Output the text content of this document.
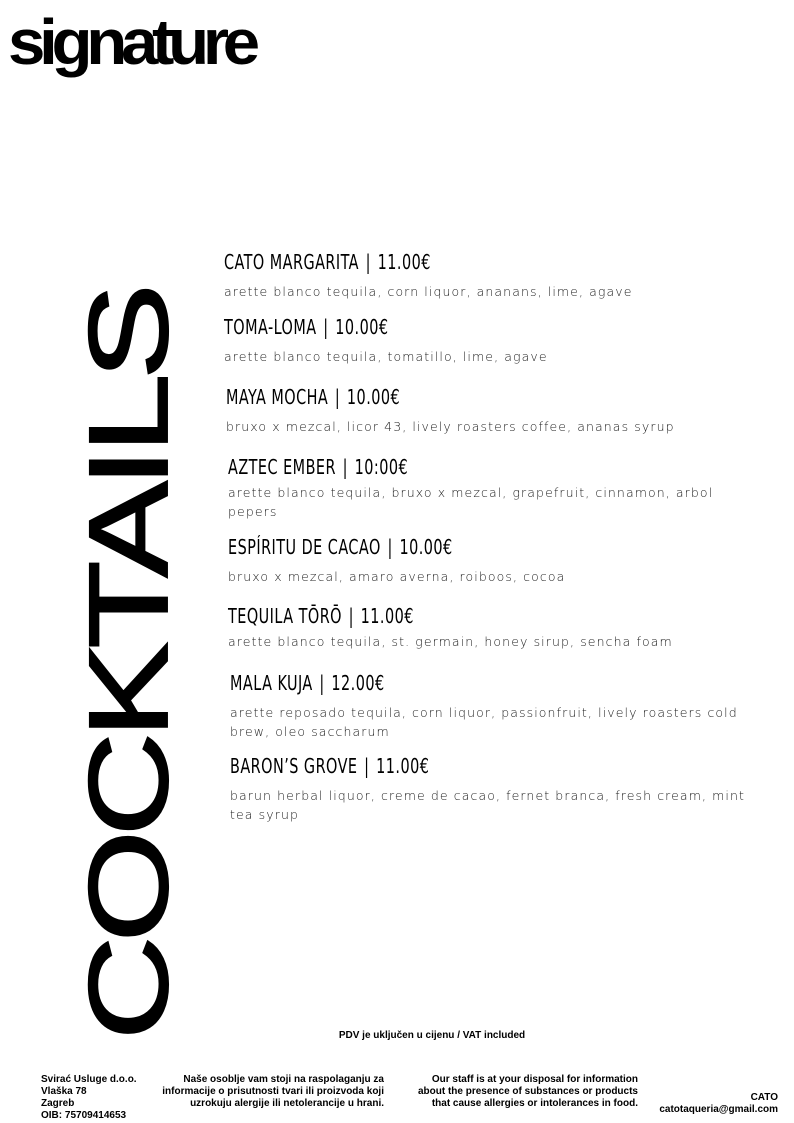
signature
COCKTAILS
CATO MARGARITA | 11.00€
arette blanco tequila, corn liquor, ananans, lime, agave
TOMA-LOMA | 10.00€
arette blanco tequila, tomatillo, lime, agave
MAYA MOCHA | 10.00€
bruxo x mezcal, licor 43, lively roasters coffee, ananas syrup
AZTEC EMBER | 10:00€
arette blanco tequila, bruxo x mezcal, grapefruit, cinnamon, arbol pepers
ESPÍRITU DE CACAO | 10.00€
bruxo x mezcal, amaro averna, roiboos, cocoa
TEQUILA TŌRŌ | 11.00€
arette blanco tequila, st. germain, honey sirup, sencha foam
MALA KUJA | 12.00€
arette reposado tequila, corn liquor, passionfruit, lively roasters cold brew, oleo saccharum
BARON’S GROVE | 11.00€
barun herbal liquor, creme de cacao, fernet branca, fresh cream, mint tea syrup
PDV je uključen u cijenu / VAT included
Svirać Usluge d.o.o.
Vlaška 78
Zagreb
OIB: 75709414653
Naše osoblje vam stoji na raspolaganju za
informacije o prisutnosti tvari ili proizvoda koji
uzrokuju alergije ili netolerancije u hrani.
Our staff is at your disposal for information
about the presence of substances or products
that cause allergies or intolerances in food.
CATO
catotaqueria@gmail.com
